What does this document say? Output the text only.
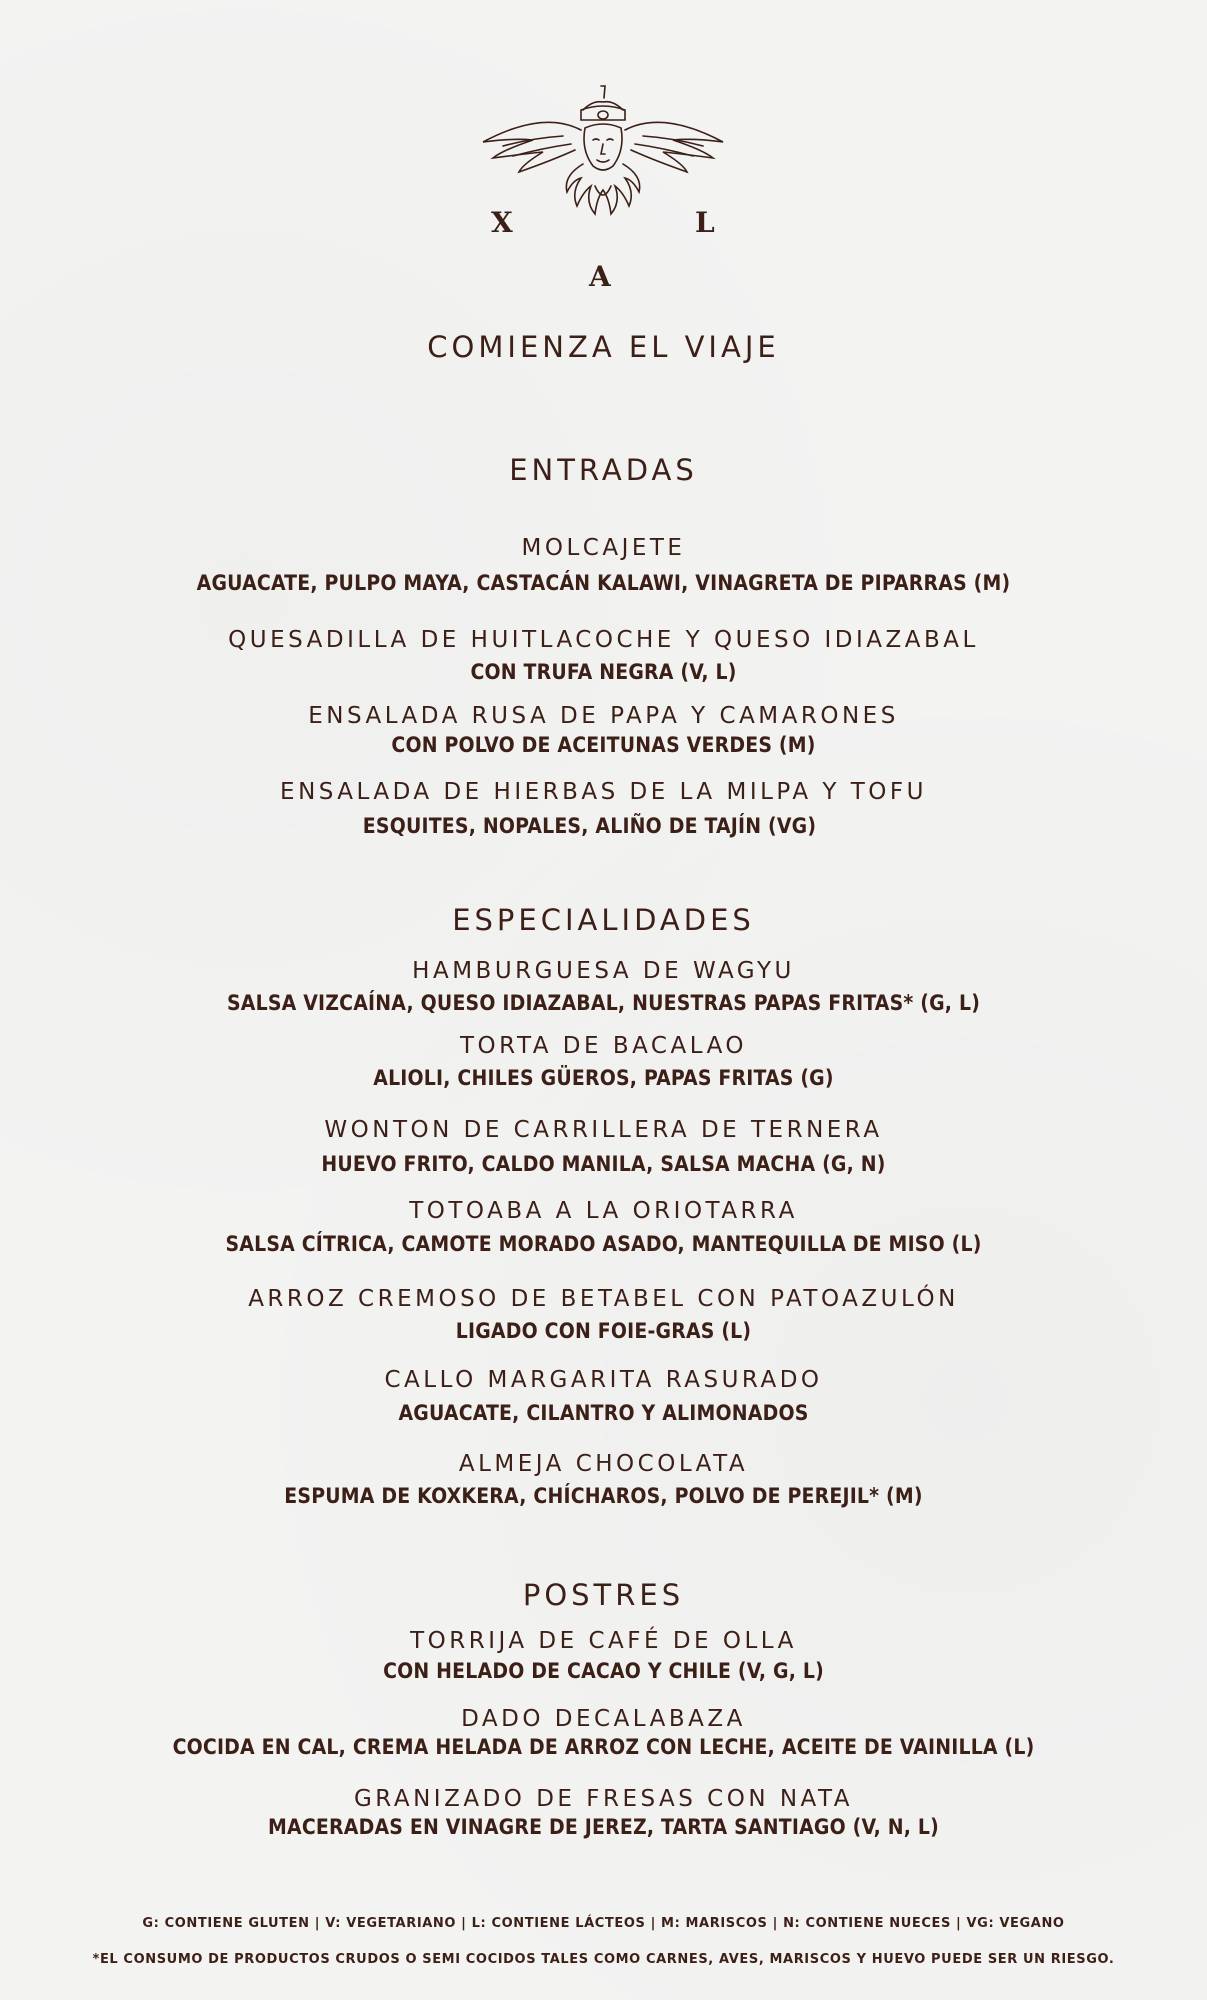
X	L
A
COMIENZA EL VIAJE
ENTRADAS

MOLCAJETE

AGUACATE, PULPO MAYA, CASTACÁN KALAWI, VINAGRETA DE PIPARRAS (M)

QUESADILLA DE HUITLACOCHE Y QUESO IDIAZABAL

CON TRUFA NEGRA (V, L)

ENSALADA RUSA DE PAPA Y CAMARONES

CON POLVO DE ACEITUNAS VERDES (M)

ENSALADA DE HIERBAS DE LA MILPA Y TOFU

ESQUITES, NOPALES, ALIÑO DE TAJÍN (VG)

ESPECIALIDADES

HAMBURGUESA DE WAGYU

SALSA VIZCAÍNA, QUESO IDIAZABAL, NUESTRAS PAPAS FRITAS* (G, L)

TORTA DE BACALAO

ALIOLI, CHILES GÜEROS, PAPAS FRITAS (G)

WONTON DE CARRILLERA DE TERNERA

HUEVO FRITO, CALDO MANILA, SALSA MACHA (G, N)

TOTOABA A LA ORIOTARRA

SALSA CÍTRICA, CAMOTE MORADO ASADO, MANTEQUILLA DE MISO (L)

ARROZ CREMOSO DE BETABEL CON PATOAZULÓN

LIGADO CON FOIE-GRAS (L)

CALLO MARGARITA RASURADO

AGUACATE, CILANTRO Y ALIMONADOS

ALMEJA CHOCOLATA

ESPUMA DE KOXKERA, CHÍCHAROS, POLVO DE PEREJIL* (M)

POSTRES

TORRIJA DE CAFÉ DE OLLA

CON HELADO DE CACAO Y CHILE (V, G, L)

DADO DECALABAZA

COCIDA EN CAL, CREMA HELADA DE ARROZ CON LECHE, ACEITE DE VAINILLA (L)

GRANIZADO DE FRESAS CON NATA

MACERADAS EN VINAGRE DE JEREZ, TARTA SANTIAGO (V, N, L)

G: CONTIENE GLUTEN | V: VEGETARIANO | L: CONTIENE LÁCTEOS | M: MARISCOS | N: CONTIENE NUECES | VG: VEGANO

*EL CONSUMO DE PRODUCTOS CRUDOS O SEMI COCIDOS TALES COMO CARNES, AVES, MARISCOS Y HUEVO PUEDE SER UN RIESGO.
